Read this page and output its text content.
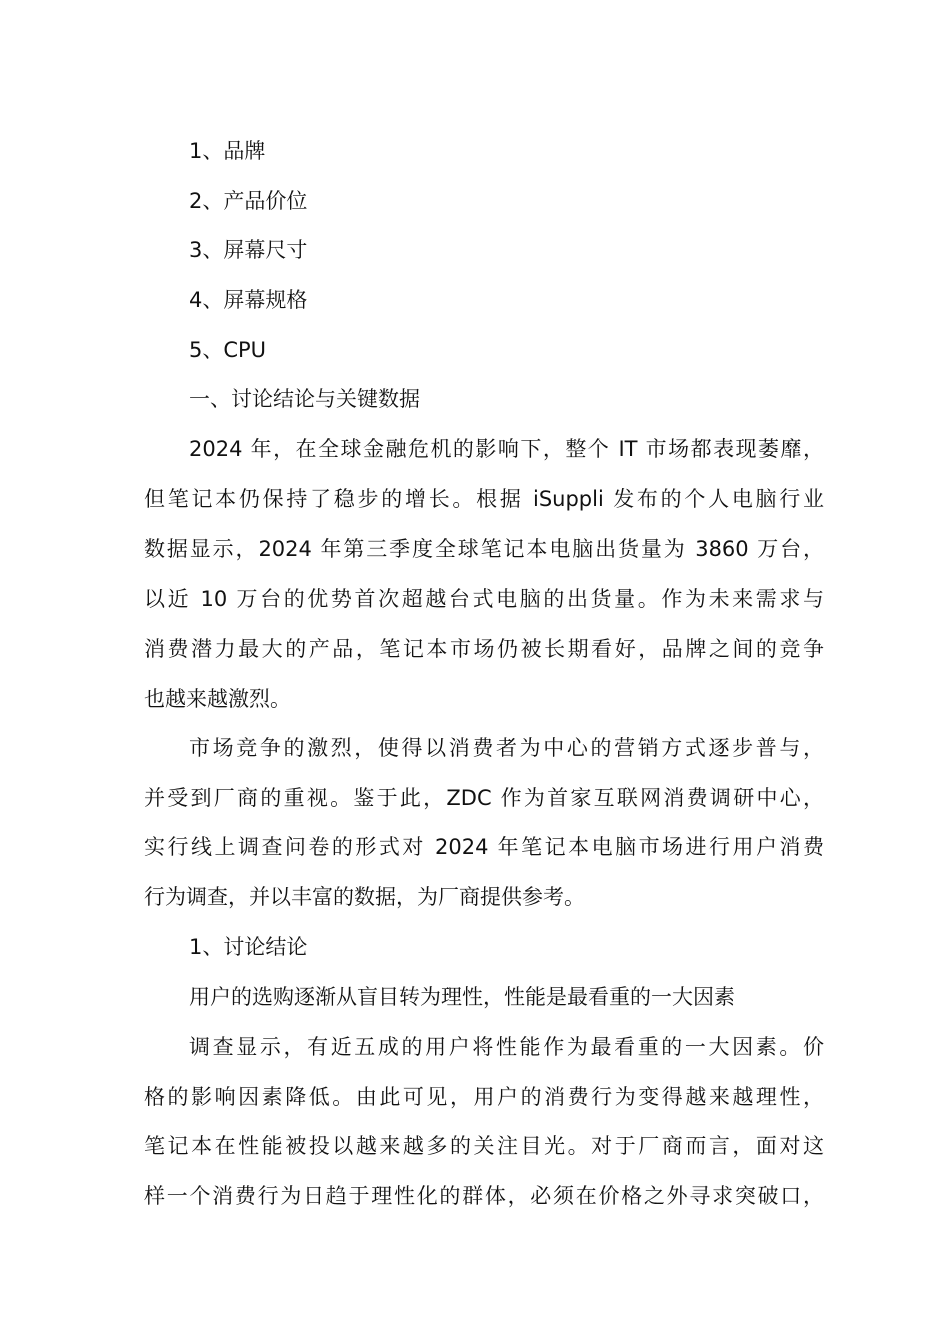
1、品牌
2、产品价位
3、屏幕尺寸
4、屏幕规格
5、CPU
一、讨论结论与关键数据
2024 年，在全球金融危机的影响下，整个 IT 市场都表现萎靡，
但笔记本仍保持了稳步的增长。根据 iSuppli 发布的个人电脑行业
数据显示，2024 年第三季度全球笔记本电脑出货量为 3860 万台，
以近 10 万台的优势首次超越台式电脑的出货量。作为未来需求与
消费潜力最大的产品，笔记本市场仍被长期看好，品牌之间的竞争
也越来越激烈。
市场竞争的激烈，使得以消费者为中心的营销方式逐步普与，
并受到厂商的重视。鉴于此，ZDC 作为首家互联网消费调研中心，
实行线上调查问卷的形式对 2024 年笔记本电脑市场进行用户消费
行为调查，并以丰富的数据，为厂商提供参考。
1、讨论结论
用户的选购逐渐从盲目转为理性，性能是最看重的一大因素
调查显示，有近五成的用户将性能作为最看重的一大因素。价
格的影响因素降低。由此可见，用户的消费行为变得越来越理性，
笔记本在性能被投以越来越多的关注目光。对于厂商而言，面对这
样一个消费行为日趋于理性化的群体，必须在价格之外寻求突破口，
